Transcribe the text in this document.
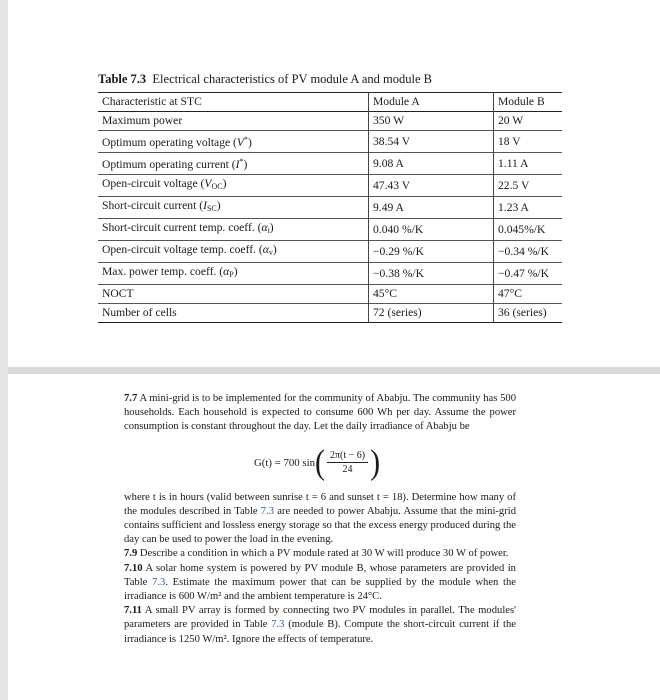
Table 7.3 Electrical characteristics of PV module A and module B
Characteristic at STC	Module A	Module B
Maximum power	350 W	20 W
Optimum operating voltage (V*)	38.54 V	18 V
Optimum operating current (I*)	9.08 A	1.11 A
Open-circuit voltage $(V_{OC})$	47.43 V	22.5 V
Short-circuit current $(I_{SC})$	9.49 A	1.23 A
Short-circuit current temp. coeff. $(\alpha_i)$	0.040 %/K	0.045%/K
Open-circuit voltage temp. coeff. $(\alpha_v)$	−0.29 %/K	−0.34 %/K
Max. power temp. coeff. $(\alpha_P)$	−0.38 %/K	−0.47 %/K
NOCT	45°C	47°C
Number of cells	72 (series)	36 (series)

7.7 A mini-grid is to be implemented for the community of Ababju. The community has 500 households. Each household is expected to consume 600 Wh per day. Assume the power consumption is constant throughout the day. Let the daily irradiance of Ababju be

G(t) = 700 sin ( $\frac{2\pi(t - 6)}{24}$ )

where t is in hours (valid between sunrise t = 6 and sunset t = 18). Determine how many of the modules described in Table 7.3 are needed to power Ababju. Assume that the mini-grid contains sufficient and lossless energy storage so that the excess energy produced during the day can be used to power the load in the evening.

7.9 Describe a condition in which a PV module rated at 30 W will produce 30 W of power.

7.10 A solar home system is powered by PV module B, whose parameters are provided in Table 7.3. Estimate the maximum power that can be supplied by the module when the irradiance is 600 W/m² and the ambient temperature is 24°C.

7.11 A small PV array is formed by connecting two PV modules in parallel. The modules' parameters are provided in Table 7.3 (module B). Compute the short-circuit current if the irradiance is 1250 W/m². Ignore the effects of temperature.
